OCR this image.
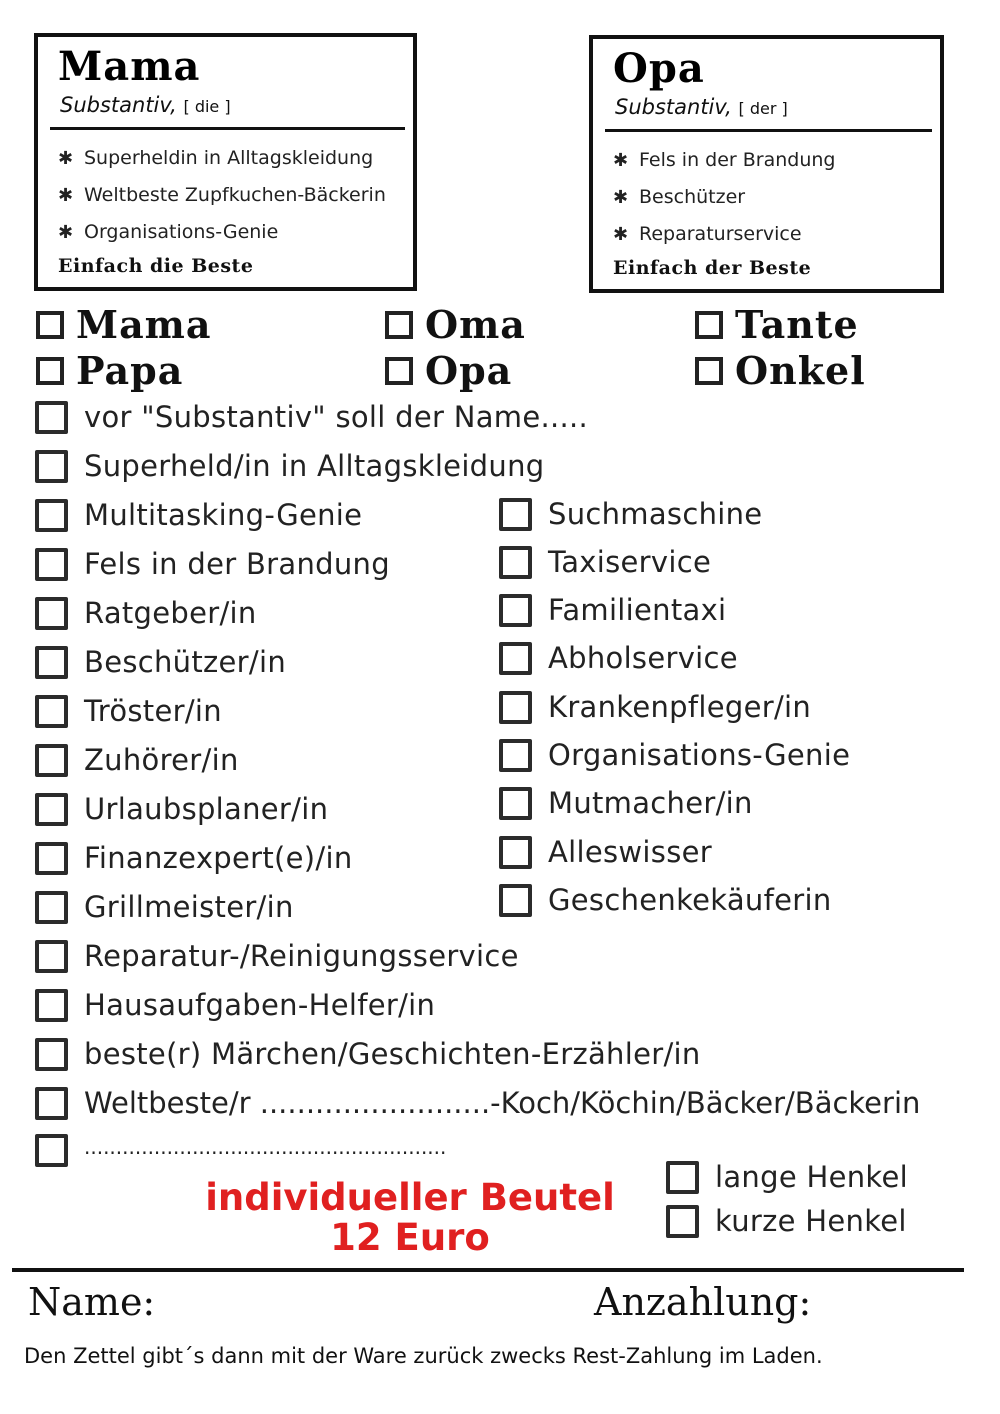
Mama
Substantiv, [ die ]
✱ Superheldin in Alltagskleidung
✱ Weltbeste Zupfkuchen-Bäckerin
✱ Organisations-Genie
Einfach die Beste
Opa
Substantiv, [ der ]
✱ Fels in der Brandung
✱ Beschützer
✱ Reparaturservice
Einfach der Beste
Mama	Oma	Tante
Papa	Opa	Onkel
vor "Substantiv" soll der Name.....
Superheld/in in Alltagskleidung
Multitasking-Genie
Fels in der Brandung
Ratgeber/in
Beschützer/in
Tröster/in
Zuhörer/in
Urlaubsplaner/in
Finanzexpert(e)/in
Grillmeister/in
Reparatur-/Reinigungsservice
Hausaufgaben-Helfer/in
beste(r) Märchen/Geschichten-Erzähler/in
Weltbeste/r .........................-Koch/Köchin/Bäcker/Bäckerin
.........................................................
Suchmaschine
Taxiservice
Familientaxi
Abholservice
Krankenpfleger/in
Organisations-Genie
Mutmacher/in
Alleswisser
Geschenkekäuferin
individueller Beutel
12 Euro
lange Henkel
kurze Henkel
Name:	Anzahlung:
Den Zettel gibt´s dann mit der Ware zurück zwecks Rest-Zahlung im Laden.
